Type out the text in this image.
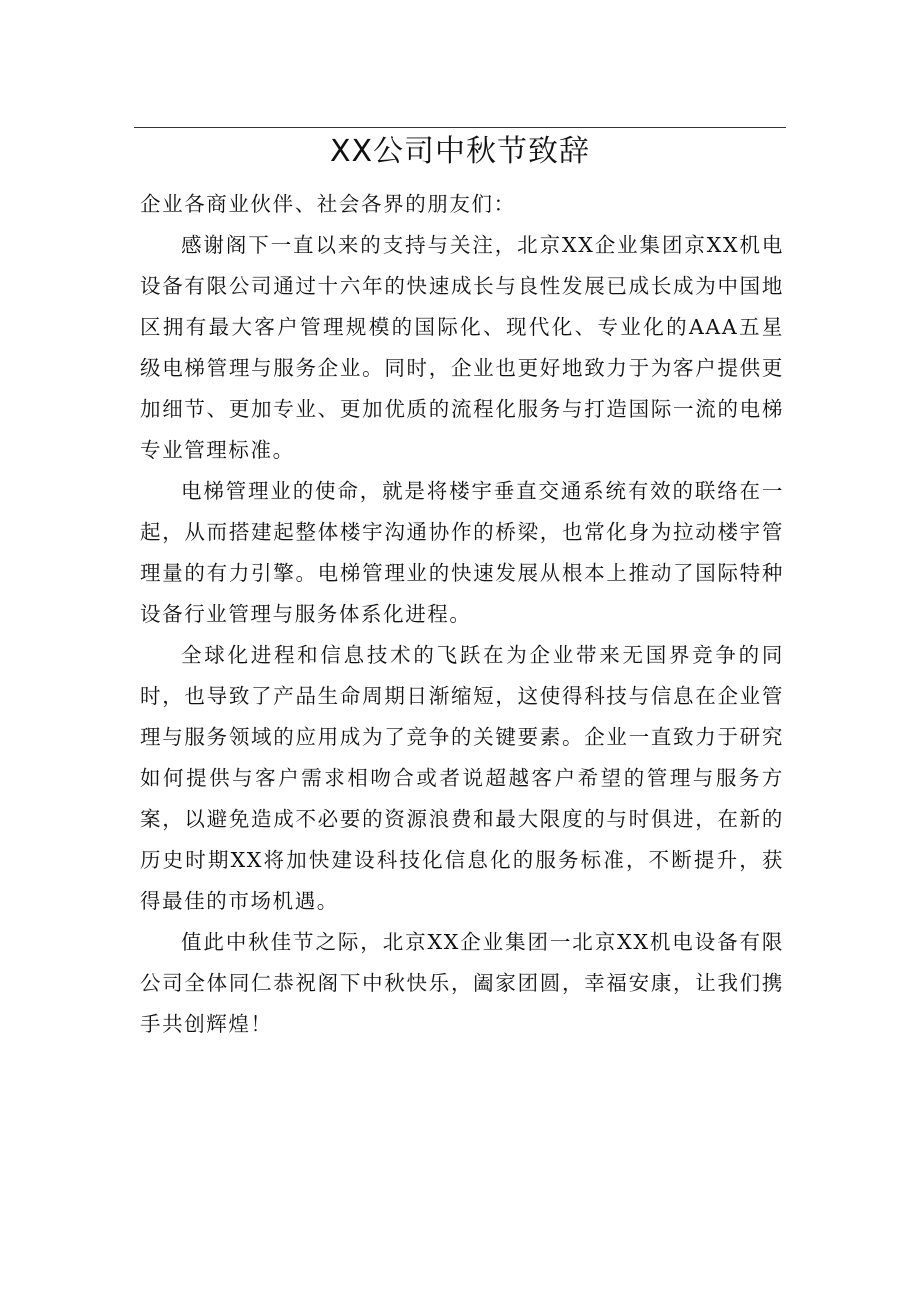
XX公司中秋节致辞

企业各商业伙伴、社会各界的朋友们：

感谢阁下一直以来的支持与关注，北京XX企业集团京XX机电设备有限公司通过十六年的快速成长与良性发展已成长成为中国地区拥有最大客户管理规模的国际化、现代化、专业化的AAA五星级电梯管理与服务企业。同时，企业也更好地致力于为客户提供更加细节、更加专业、更加优质的流程化服务与打造国际一流的电梯专业管理标准。

电梯管理业的使命，就是将楼宇垂直交通系统有效的联络在一起，从而搭建起整体楼宇沟通协作的桥梁，也常化身为拉动楼宇管理量的有力引擎。电梯管理业的快速发展从根本上推动了国际特种设备行业管理与服务体系化进程。

全球化进程和信息技术的飞跃在为企业带来无国界竞争的同时，也导致了产品生命周期日渐缩短，这使得科技与信息在企业管理与服务领域的应用成为了竞争的关键要素。企业一直致力于研究如何提供与客户需求相吻合或者说超越客户希望的管理与服务方案，以避免造成不必要的资源浪费和最大限度的与时俱进，在新的历史时期XX将加快建设科技化信息化的服务标准，不断提升，获得最佳的市场机遇。

值此中秋佳节之际，北京XX企业集团一北京XX机电设备有限公司全体同仁恭祝阁下中秋快乐，阖家团圆，幸福安康，让我们携手共创辉煌！
